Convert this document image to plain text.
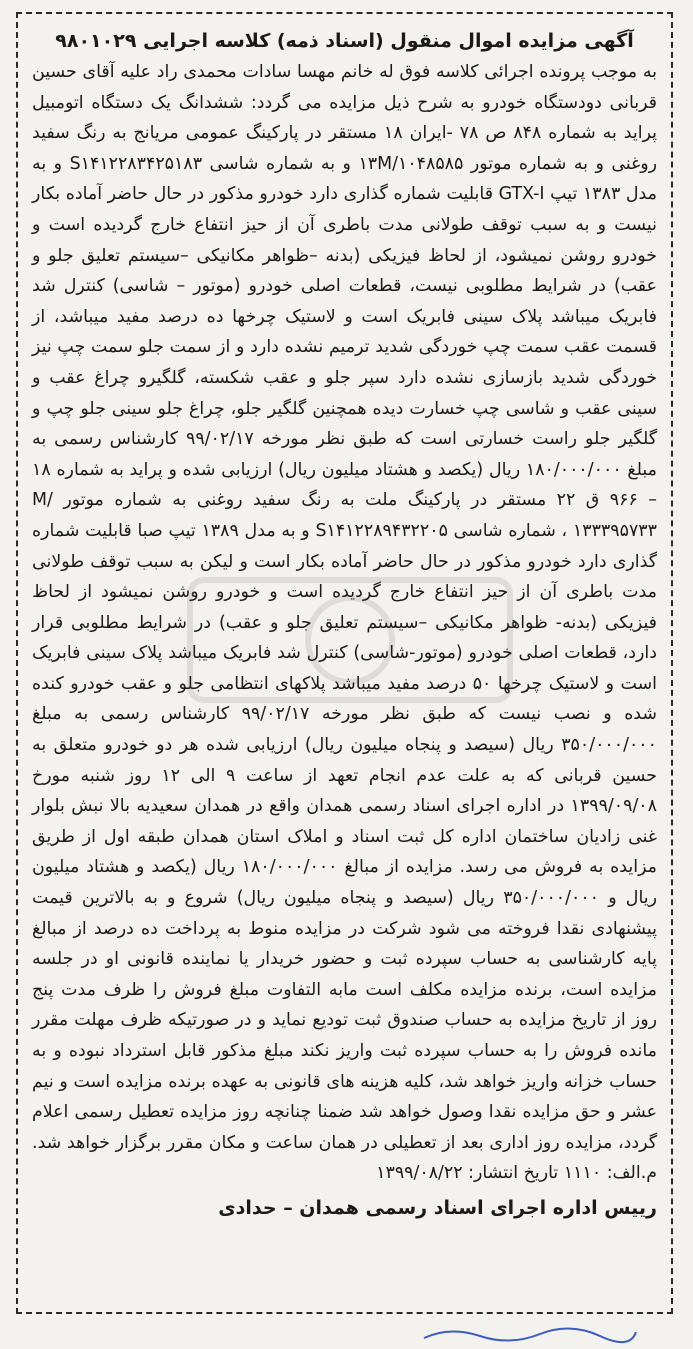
آگهی مزایده اموال منقول (اسناد ذمه) کلاسه اجرایی ۹۸۰۱۰۲۹
به موجب پرونده اجرائی کلاسه فوق له خانم مهسا سادات محمدی راد علیه آقای حسین قربانی دودستگاه خودرو به شرح ذیل مزایده می گردد: ششدانگ یک دستگاه اتومبیل پراید به شماره ۸۴۸ ص ۷۸ -ایران ۱۸ مستقر در پارکینگ عمومی مریانج به رنگ سفید روغنی و به شماره موتور ۱۳M/۱۰۴۸۵۸۵ و به شماره شاسی S۱۴۱۲۲۸۳۴۲۵۱۸۳ و به مدل ۱۳۸۳ تیپ GTX-I قابلیت شماره گذاری دارد خودرو مذکور در حال حاضر آماده بکار نیست و به سبب توقف طولانی مدت باطری آن از حیز انتفاع خارج گردیده است و خودرو روشن نمیشود، از لحاظ فیزیکی (بدنه –ظواهر مکانیکی –سیستم تعلیق جلو و عقب) در شرایط مطلوبی نیست، قطعات اصلی خودرو (موتور – شاسی) کنترل شد فابریک میباشد پلاک سینی فابریک است و لاستیک چرخها ده درصد مفید میباشد، از قسمت عقب سمت چپ خوردگی شدید ترمیم نشده دارد و از سمت جلو سمت چپ نیز خوردگی شدید بازسازی نشده دارد سپر جلو و عقب شکسته، گلگیرو چراغ عقب و سینی عقب و شاسی چپ خسارت دیده همچنین گلگیر جلو، چراغ جلو سینی جلو چپ و گلگیر جلو راست خسارتی است که طبق نظر مورخه ۹۹/۰۲/۱۷ کارشناس رسمی به مبلغ ۱۸۰/۰۰۰/۰۰۰ ریال (یکصد و هشتاد میلیون ریال) ارزیابی شده و پراید به شماره ۱۸ – ۹۶۶ ق ۲۲ مستقر در پارکینگ ملت به رنگ سفید روغنی به شماره موتور M/۱۳۳۳۹۵۷۳۳ ، شماره شاسی S۱۴۱۲۲۸۹۴۳۲۲۰۵ و به مدل ۱۳۸۹ تیپ صبا قابلیت شماره گذاری دارد خودرو مذکور در حال حاضر آماده بکار است و لیکن به سبب توقف طولانی مدت باطری آن از حیز انتفاع خارج گردیده است و خودرو روشن نمیشود از لحاظ فیزیکی (بدنه- ظواهر مکانیکی –سیستم تعلیق جلو و عقب) در شرایط مطلوبی قرار دارد، قطعات اصلی خودرو (موتور-شاسی) کنترل شد فابریک میباشد پلاک سینی فابریک است و لاستیک چرخها ۵۰ درصد مفید میباشد پلاکهای انتظامی جلو و عقب خودرو کنده شده و نصب نیست که طبق نظر مورخه ۹۹/۰۲/۱۷ کارشناس رسمی به مبلغ ۳۵۰/۰۰۰/۰۰۰ ریال (سیصد و پنجاه میلیون ریال) ارزیابی شده هر دو خودرو متعلق به حسین قربانی که به علت عدم انجام تعهد از ساعت ۹ الی ۱۲ روز شنبه مورخ ۱۳۹۹/۰۹/۰۸ در اداره اجرای اسناد رسمی همدان واقع در همدان سعیدیه بالا نبش بلوار غنی زادیان ساختمان اداره کل ثبت اسناد و املاک استان همدان طبقه اول از طریق مزایده به فروش می رسد. مزایده از مبالغ ۱۸۰/۰۰۰/۰۰۰ ریال (یکصد و هشتاد میلیون ریال و ۳۵۰/۰۰۰/۰۰۰ ریال (سیصد و پنجاه میلیون ریال) شروع و به بالاترین قیمت پیشنهادی نقدا فروخته می شود شرکت در مزایده منوط به پرداخت ده درصد از مبالغ پایه کارشناسی به حساب سپرده ثبت و حضور خریدار یا نماینده قانونی او در جلسه مزایده است، برنده مزایده مکلف است مابه التفاوت مبلغ فروش را ظرف مدت پنج روز از تاریخ مزایده به حساب صندوق ثبت تودیع نماید و در صورتیکه ظرف مهلت مقرر مانده فروش را به حساب سپرده ثبت واریز نکند مبلغ مذکور قابل استرداد نبوده و به حساب خزانه واریز خواهد شد، کلیه هزینه های قانونی به عهده برنده مزایده است و نیم عشر و حق مزایده نقدا وصول خواهد شد ضمنا چنانچه روز مزایده تعطیل رسمی اعلام گردد، مزایده روز اداری بعد از تعطیلی در همان ساعت و مکان مقرر برگزار خواهد شد. م.الف: ۱۱۱۰ تاریخ انتشار: ۱۳۹۹/۰۸/۲۲
رییس اداره اجرای اسناد رسمی همدان – حدادی
